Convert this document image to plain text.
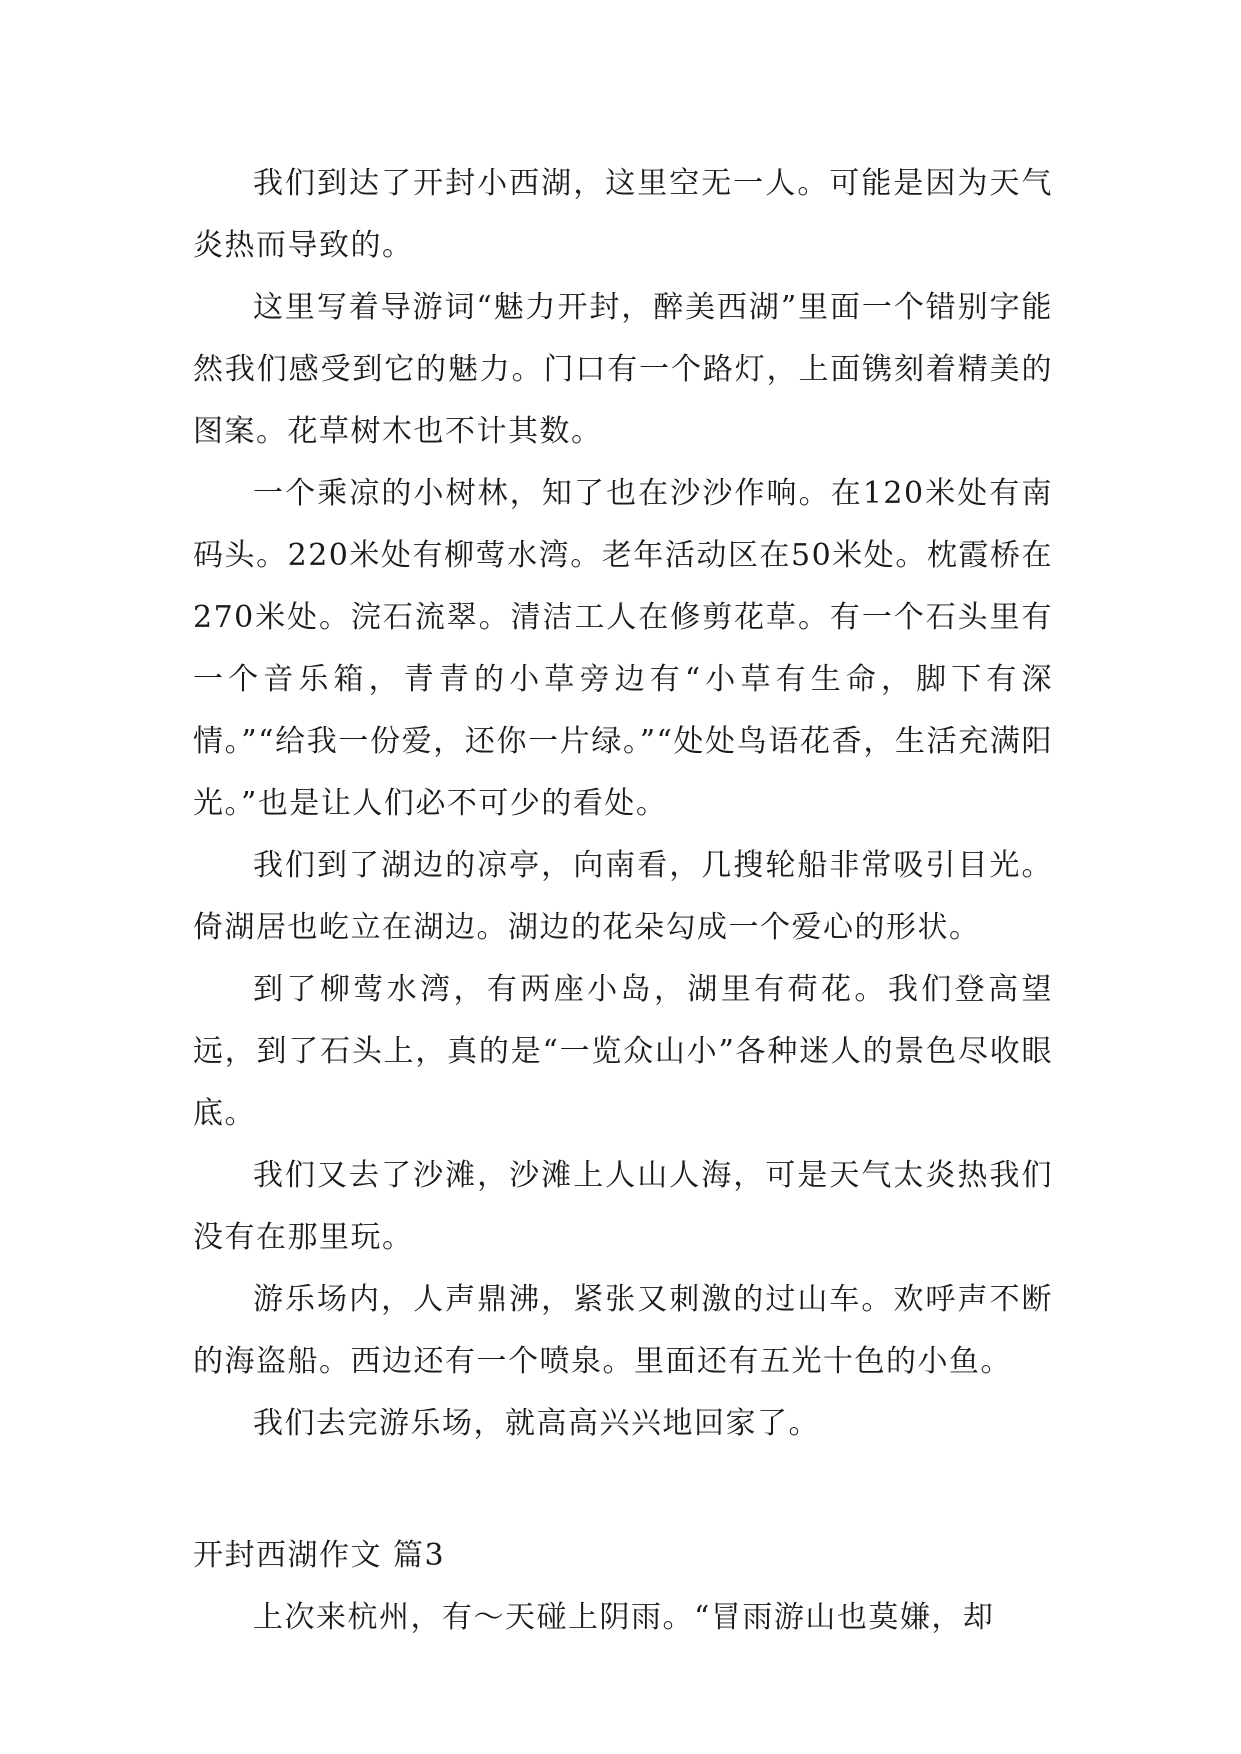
我们到达了开封小西湖，这里空无一人。可能是因为天气炎热而导致的。

这里写着导游词“魅力开封，醉美西湖”里面一个错别字能然我们感受到它的魅力。门口有一个路灯，上面镌刻着精美的图案。花草树木也不计其数。

一个乘凉的小树林，知了也在沙沙作响。在120米处有南码头。220米处有柳莺水湾。老年活动区在50米处。枕霞桥在270米处。浣石流翠。清洁工人在修剪花草。有一个石头里有一个音乐箱，青青的小草旁边有“小草有生命，脚下有深情。”“给我一份爱，还你一片绿。”“处处鸟语花香，生活充满阳光。”也是让人们必不可少的看处。

我们到了湖边的凉亭，向南看，几搜轮船非常吸引目光。倚湖居也屹立在湖边。湖边的花朵勾成一个爱心的形状。

到了柳莺水湾，有两座小岛，湖里有荷花。我们登高望远，到了石头上，真的是“一览众山小”各种迷人的景色尽收眼底。

我们又去了沙滩，沙滩上人山人海，可是天气太炎热我们没有在那里玩。

游乐场内，人声鼎沸，紧张又刺激的过山车。欢呼声不断的海盗船。西边还有一个喷泉。里面还有五光十色的小鱼。

我们去完游乐场，就高高兴兴地回家了。

开封西湖作文 篇3

上次来杭州，有～天碰上阴雨。“冒雨游山也莫嫌，却
